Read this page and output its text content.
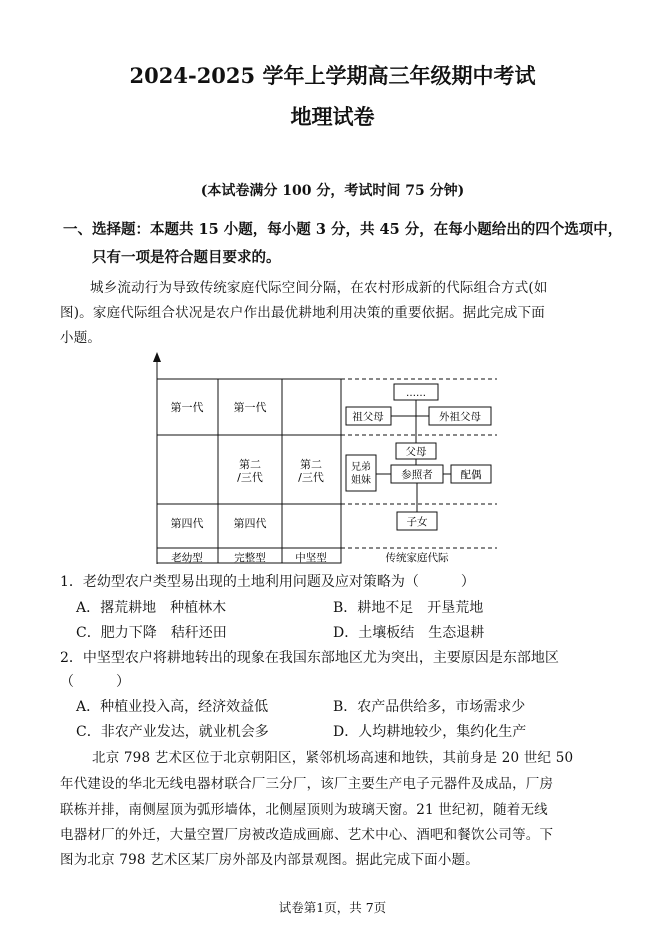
2024-2025 学年上学期高三年级期中考试
地理试卷
(本试卷满分 100 分，考试时间 75 分钟)
一、选择题：本题共 15 小题，每小题 3 分，共 45 分，在每小题给出的四个选项中，
只有一项是符合题目要求的。
城乡流动行为导致传统家庭代际空间分隔，在农村形成新的代际组合方式(如
图)。家庭代际组合状况是农户作出最优耕地利用决策的重要依据。据此完成下面
小题。
第一代
第四代
第一代
第二/三代
第四代
第二/三代
老幼型	完整型	中坚型	传统家庭代际
……
祖父母	外祖父母
父母
兄弟姐妹	参照者	配偶
子女
1．老幼型农户类型易出现的土地利用问题及应对策略为（　　　）
A．撂荒耕地　种植林木	B．耕地不足　开垦荒地
C．肥力下降　秸秆还田	D．土壤板结　生态退耕
2．中坚型农户将耕地转出的现象在我国东部地区尤为突出，主要原因是东部地区
（　　　）
A．种植业投入高，经济效益低	B．农产品供给多，市场需求少
C．非农产业发达，就业机会多	D．人均耕地较少，集约化生产
北京 798 艺术区位于北京朝阳区，紧邻机场高速和地铁，其前身是 20 世纪 50
年代建设的华北无线电器材联合厂三分厂，该厂主要生产电子元器件及成品，厂房
联栋并排，南侧屋顶为弧形墙体，北侧屋顶则为玻璃天窗。21 世纪初，随着无线
电器材厂的外迁，大量空置厂房被改造成画廊、艺术中心、酒吧和餐饮公司等。下
图为北京 798 艺术区某厂房外部及内部景观图。据此完成下面小题。
试卷第1页，共 7页
